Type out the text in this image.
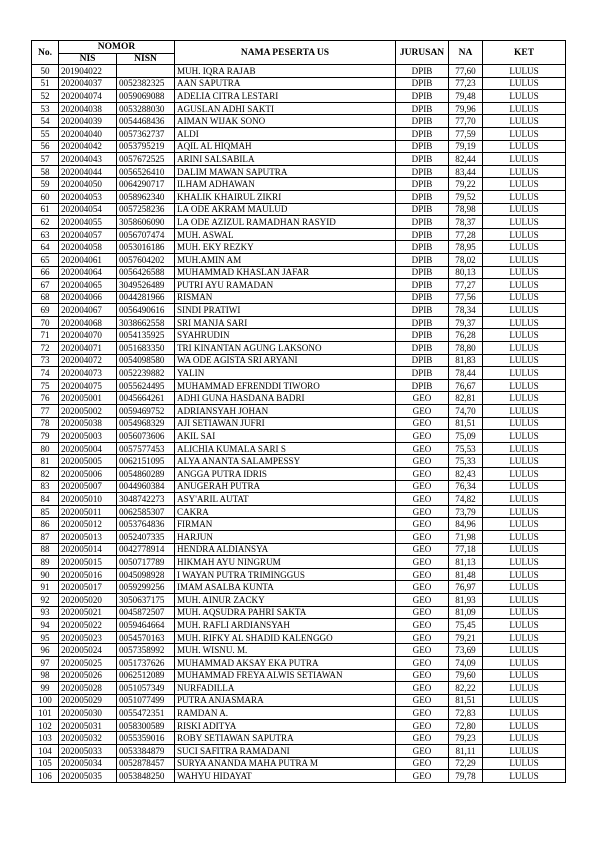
No.	NOMOR		NAMA PESERTA US	JURUSAN	NA	KET
	NIS	NISN				
50	201904022		MUH. IQRA RAJAB	DPIB	77,60	LULUS
51	202004037	0052382325	AAN SAPUTRA	DPIB	77,23	LULUS
52	202004074	0059069088	ADELIA CITRA LESTARI	DPIB	79,48	LULUS
53	202004038	0053288030	AGUSLAN ADHI SAKTI	DPIB	79,96	LULUS
54	202004039	0054468436	AIMAN WIJAK SONO	DPIB	77,70	LULUS
55	202004040	0057362737	ALDI	DPIB	77,59	LULUS
56	202004042	0053795219	AQIL AL HIQMAH	DPIB	79,19	LULUS
57	202004043	0057672525	ARINI SALSABILA	DPIB	82,44	LULUS
58	202004044	0056526410	DALIM MAWAN SAPUTRA	DPIB	83,44	LULUS
59	202004050	0064290717	ILHAM ADHAWAN	DPIB	79,22	LULUS
60	202004053	0058962340	KHALIK KHAIRUL ZIKRI	DPIB	79,52	LULUS
61	202004054	0057258236	LA ODE AKRAM MAULUD	DPIB	78,98	LULUS
62	202004055	3058606090	LA ODE AZIZUL RAMADHAN RASYID	DPIB	78,37	LULUS
63	202004057	0056707474	MUH. ASWAL	DPIB	77,28	LULUS
64	202004058	0053016186	MUH. EKY REZKY	DPIB	78,95	LULUS
65	202004061	0057604202	MUH.AMIN AM	DPIB	78,02	LULUS
66	202004064	0056426588	MUHAMMAD KHASLAN JAFAR	DPIB	80,13	LULUS
67	202004065	3049526489	PUTRI AYU RAMADAN	DPIB	77,27	LULUS
68	202004066	0044281966	RISMAN	DPIB	77,56	LULUS
69	202004067	0056490616	SINDI PRATIWI	DPIB	78,34	LULUS
70	202004068	3038662558	SRI MANJA SARI	DPIB	79,37	LULUS
71	202004070	0054135925	SYAHRUDIN	DPIB	76,28	LULUS
72	202004071	0051683350	TRI KINANTAN AGUNG LAKSONO	DPIB	78,80	LULUS
73	202004072	0054098580	WA ODE AGISTA SRI ARYANI	DPIB	81,83	LULUS
74	202004073	0052239882	YALIN	DPIB	78,44	LULUS
75	202004075	0055624495	MUHAMMAD EFRENDDI TIWORO	DPIB	76,67	LULUS
76	202005001	0045664261	ADHI GUNA HASDANA BADRI	GEO	82,81	LULUS
77	202005002	0059469752	ADRIANSYAH JOHAN	GEO	74,70	LULUS
78	202005038	0054968329	AJI SETIAWAN JUFRI	GEO	81,51	LULUS
79	202005003	0056073606	AKIL SAI	GEO	75,09	LULUS
80	202005004	0057577453	ALICHIA KUMALA SARI S	GEO	75,53	LULUS
81	202005005	0062151095	ALYA ANANTA SALAMPESSY	GEO	75,33	LULUS
82	202005006	0054860289	ANGGA PUTRA IDRIS	GEO	82,43	LULUS
83	202005007	0044960384	ANUGERAH PUTRA	GEO	76,34	LULUS
84	202005010	3048742273	ASY'ARIL AUTAT	GEO	74,82	LULUS
85	202005011	0062585307	CAKRA	GEO	73,79	LULUS
86	202005012	0053764836	FIRMAN	GEO	84,96	LULUS
87	202005013	0052407335	HARJUN	GEO	71,98	LULUS
88	202005014	0042778914	HENDRA ALDIANSYA	GEO	77,18	LULUS
89	202005015	0050717789	HIKMAH AYU NINGRUM	GEO	81,13	LULUS
90	202005016	0045098928	I WAYAN PUTRA TRIMINGGUS	GEO	81,48	LULUS
91	202005017	0059299256	IMAM ASALBA KUNTA	GEO	76,97	LULUS
92	202005020	3050637175	MUH. AINUR ZACKY	GEO	81,93	LULUS
93	202005021	0045872507	MUH. AQSUDRA PAHRI SAKTA	GEO	81,09	LULUS
94	202005022	0059464664	MUH. RAFLI ARDIANSYAH	GEO	75,45	LULUS
95	202005023	0054570163	MUH. RIFKY AL SHADID KALENGGO	GEO	79,21	LULUS
96	202005024	0057358992	MUH. WISNU. M.	GEO	73,69	LULUS
97	202005025	0051737626	MUHAMMAD AKSAY EKA PUTRA	GEO	74,09	LULUS
98	202005026	0062512089	MUHAMMAD FREYA ALWIS SETIAWAN	GEO	79,60	LULUS
99	202005028	0051057349	NURFADILLA	GEO	82,22	LULUS
100	202005029	0051077499	PUTRA ANJASMARA	GEO	81,51	LULUS
101	202005030	0055472351	RAMDAN A.	GEO	72,83	LULUS
102	202005031	0058300589	RISKI ADITYA	GEO	72,80	LULUS
103	202005032	0055359016	ROBY SETIAWAN SAPUTRA	GEO	79,23	LULUS
104	202005033	0053384879	SUCI SAFITRA RAMADANI	GEO	81,11	LULUS
105	202005034	0052878457	SURYA ANANDA MAHA PUTRA M	GEO	72,29	LULUS
106	202005035	0053848250	WAHYU HIDAYAT	GEO	79,78	LULUS
